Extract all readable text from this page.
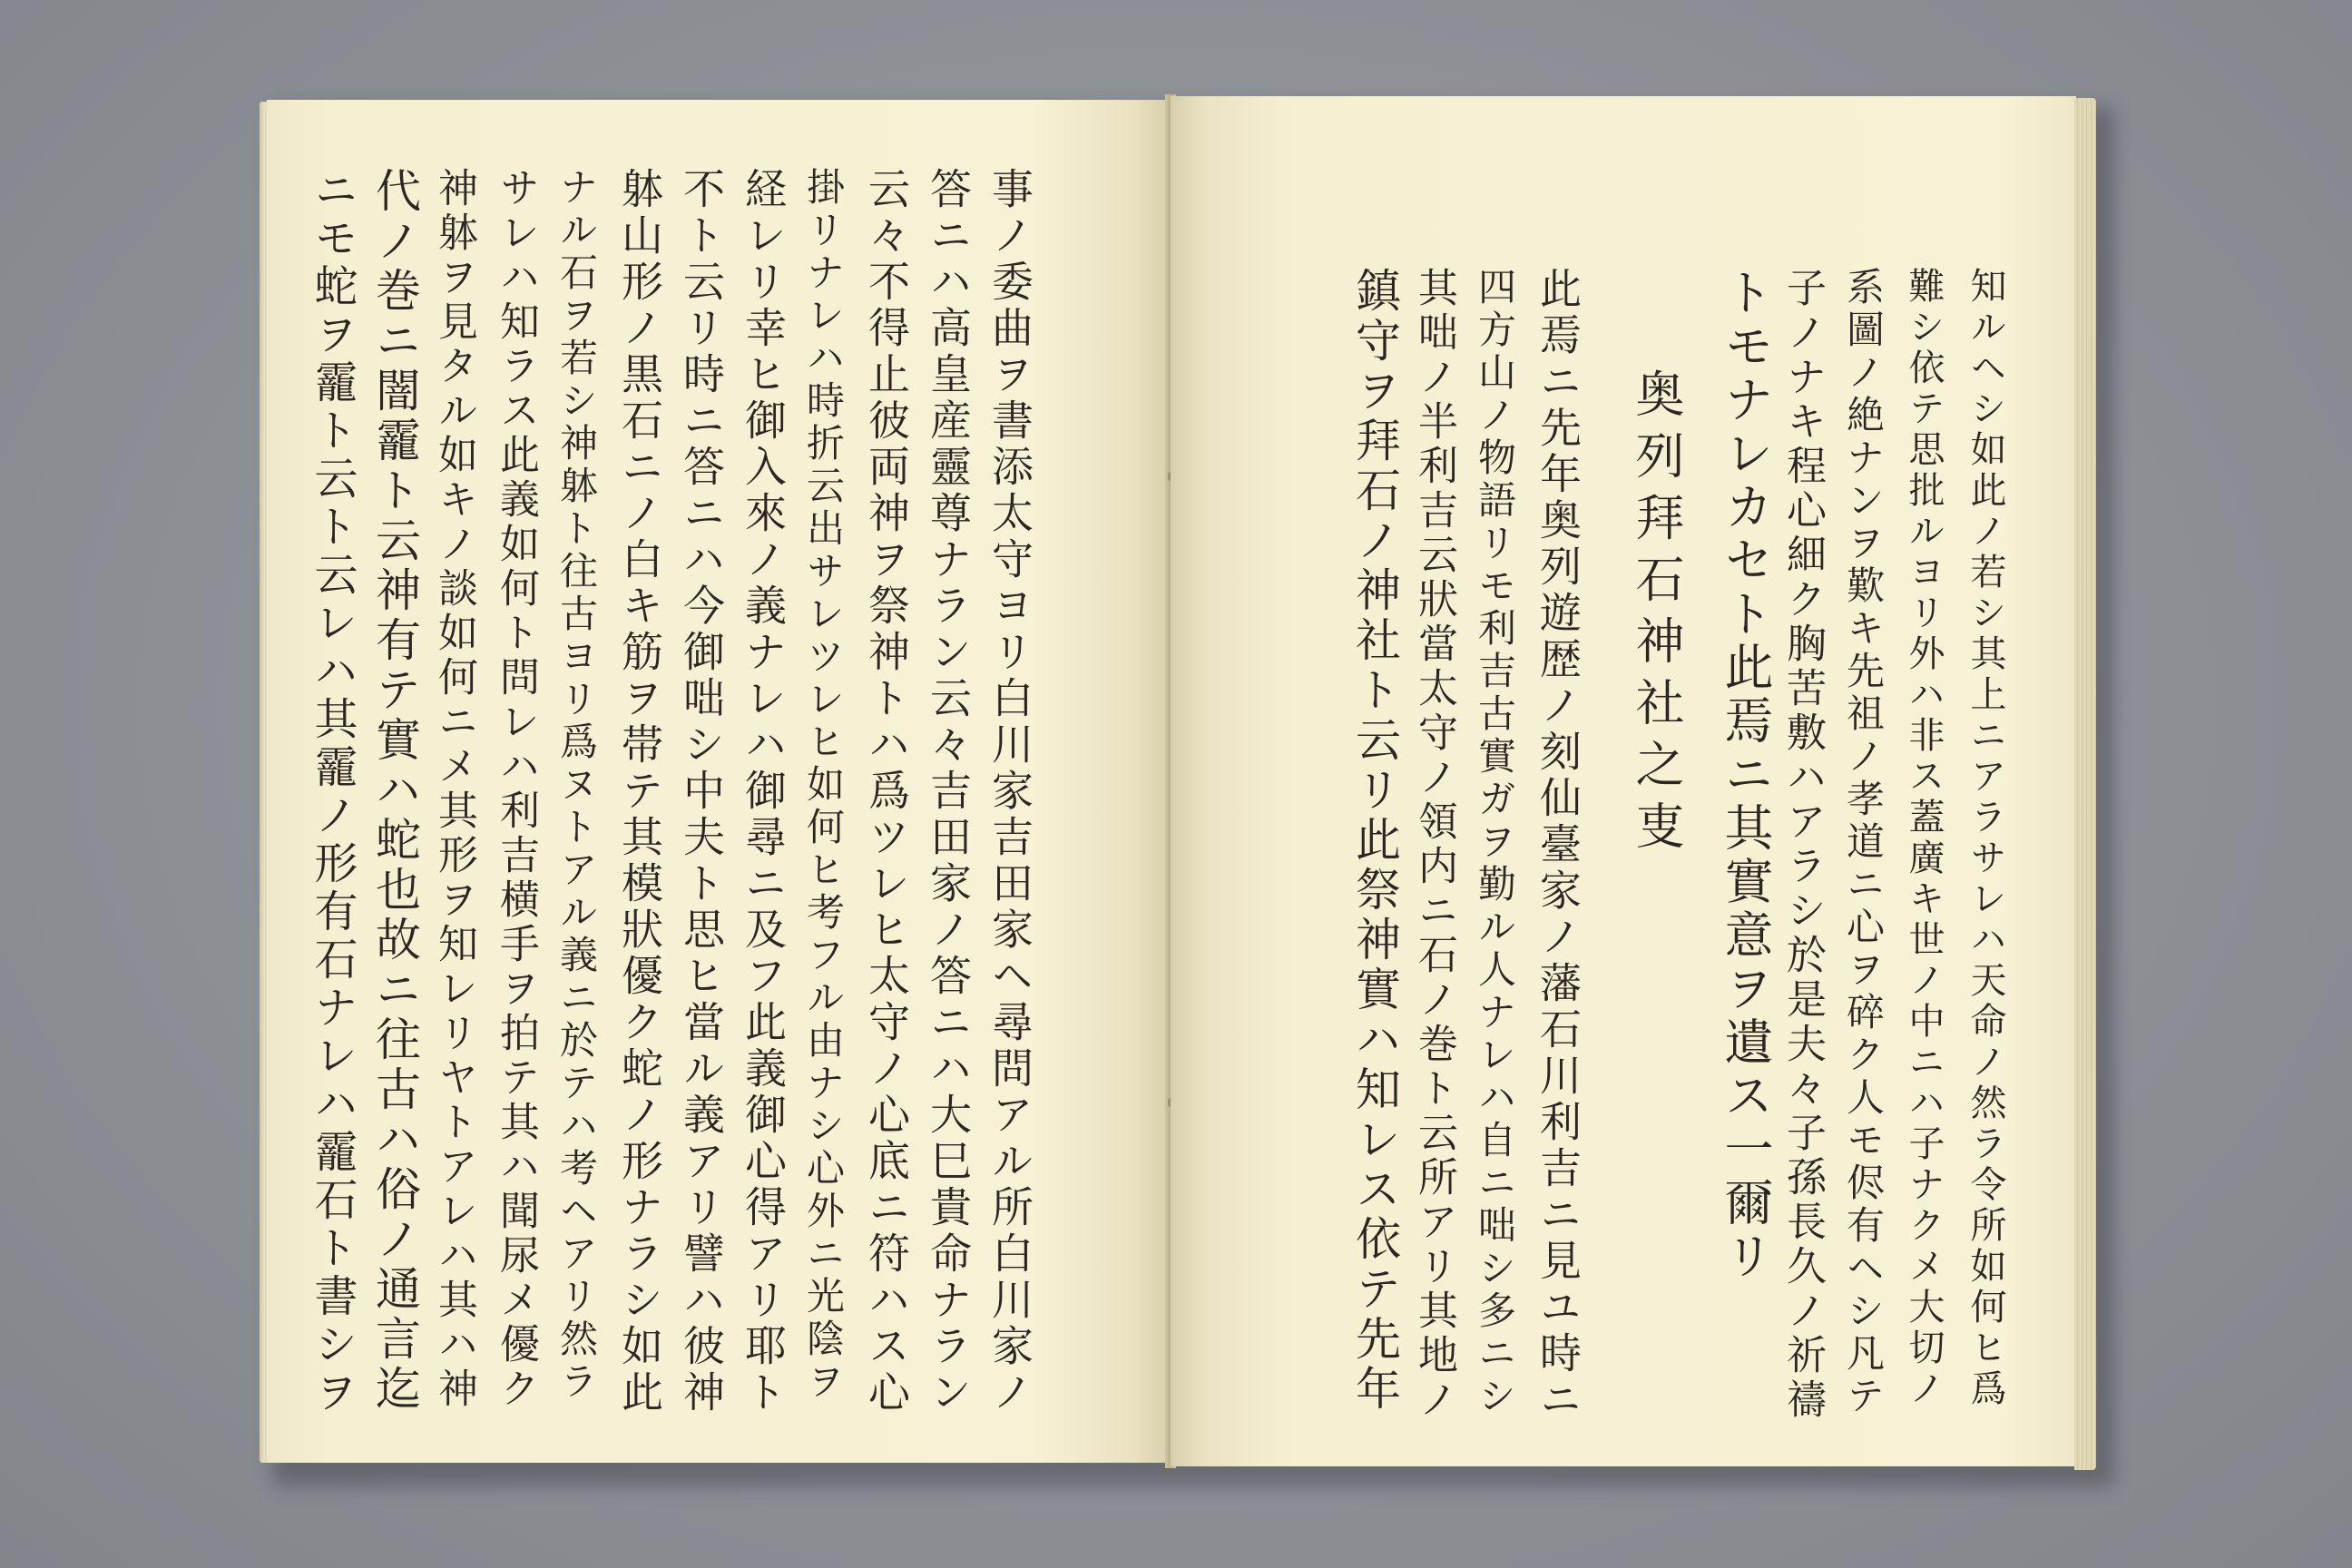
事ノ委曲ヲ書添太守ヨリ白川家吉田家ヘ尋問アル所白川家ノ
答ニハ高皇産靈尊ナラン云々吉田家ノ答ニハ大巳貴命ナラン
云々不得止彼両神ヲ祭神トハ爲ツレヒ太守ノ心底ニ符ハス心
掛リナレハ時折云出サレツレヒ如何ヒ考フル由ナシ心外ニ光陰ヲ
経レリ幸ヒ御入來ノ義ナレハ御尋ニ及フ此義御心得アリ耶ト
不ト云リ時ニ答ニハ今御咄シ中夫ト思ヒ當ル義アリ譬ハ彼神
躰山形ノ黒石ニノ白キ筋ヲ帯テ其模狀優ク蛇ノ形ナラシ如此
ナル石ヲ若シ神躰ト往古ヨリ爲ヌトアル義ニ於テハ考ヘアリ然ラ
サレハ知ラス此義如何ト問レハ利吉横手ヲ拍テ其ハ聞尿メ優ク
神躰ヲ見タル如キノ談如何ニメ其形ヲ知レリヤトアレハ其ハ神
代ノ巻ニ闇靇ト云神有テ實ハ蛇也故ニ往古ハ俗ノ通言迄
ニモ蛇ヲ靇ト云ト云レハ其靇ノ形有石ナレハ靇石ト書シヲ	知ルヘシ如此ノ若シ其上ニアラサレハ天命ノ然ラ令所如何ヒ爲
難シ依テ思批ルヨリ外ハ非ス蓋廣キ世ノ中ニハ子ナクメ大切ノ
系圖ノ絶ナンヲ歎キ先祖ノ孝道ニ心ヲ碎ク人モ侭有ヘシ凡テ
子ノナキ程心細ク胸苦敷ハアラシ於是夫々子孫長久ノ祈禱
トモナレカセト此焉ニ其實意ヲ遺ス一爾リ
奥列拜石神社之叓
此焉ニ先年奥列遊歴ノ刻仙臺家ノ藩石川利吉ニ見ユ時ニ
四方山ノ物語リモ利吉古實ガヲ勤ル人ナレハ自ニ咄シ多ニシ
其咄ノ半利吉云狀當太守ノ領内ニ石ノ巻ト云所アリ其地ノ
鎮守ヲ拜石ノ神社ト云リ此祭神實ハ知レス依テ先年
